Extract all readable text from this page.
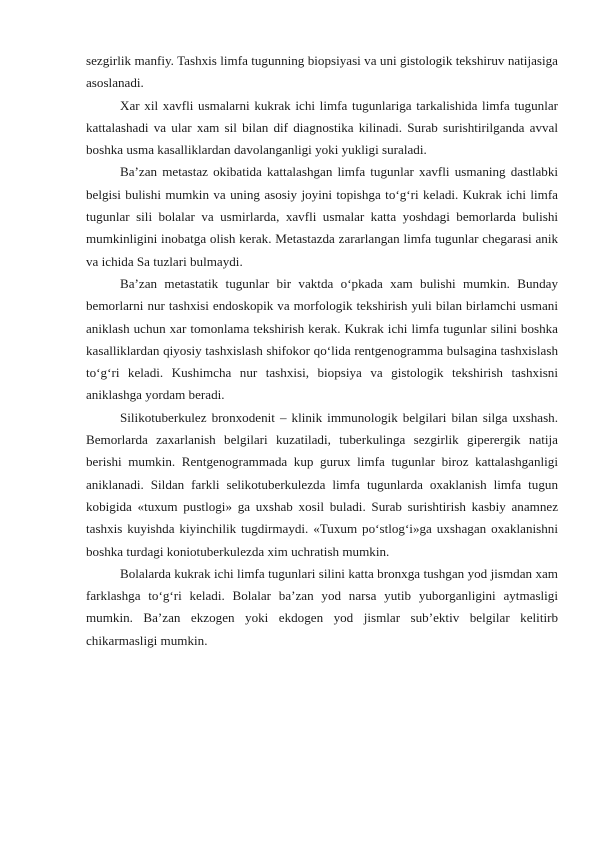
sezgirlik manfiy. Tashxis limfa tugunning biopsiyasi va uni gistologik tekshiruv natijasiga asoslanadi.

Xar xil xavfli usmalarni kukrak ichi limfa tugunlariga tarkalishida limfa tugunlar kattalashadi va ular xam sil bilan dif diagnostika kilinadi. Surab surishtirilganda avval boshka usma kasalliklardan davolanganligi yoki yukligi suraladi.

Ba’zan metastaz okibatida kattalashgan limfa tugunlar xavfli usmaning dastlabki belgisi bulishi mumkin va uning asosiy joyini topishga to‘g‘ri keladi. Kukrak ichi limfa tugunlar sili bolalar va usmirlarda, xavfli usmalar katta yoshdagi bemorlarda bulishi mumkinligini inobatga olish kerak. Metastazda zararlangan limfa tugunlar chegarasi anik va ichida Sa tuzlari bulmaydi.

Ba’zan metastatik tugunlar bir vaktda o‘pkada xam bulishi mumkin. Bunday bemorlarni nur tashxisi endoskopik va morfologik tekshirish yuli bilan birlamchi usmani aniklash uchun xar tomonlama tekshirish kerak. Kukrak ichi limfa tugunlar silini boshka kasalliklardan qiyosiy tashxislash shifokor qo‘lida rentgenogramma bulsagina tashxislash to‘g‘ri keladi. Kushimcha nur tashxisi, biopsiya va gistologik tekshirish tashxisni aniklashga yordam beradi.

Silikotuberkulez bronxodenit – klinik immunologik belgilari bilan silga uxshash. Bemorlarda zaxarlanish belgilari kuzatiladi, tuberkulinga sezgirlik giperergik natija berishi mumkin. Rentgenogrammada kup gurux limfa tugunlar biroz kattalashganligi aniklanadi. Sildan farkli selikotuberkulezda limfa tugunlarda oxaklanish limfa tugun kobigida «tuxum pustlogi» ga uxshab xosil buladi. Surab surishtirish kasbiy anamnez tashxis kuyishda kiyinchilik tugdirmaydi. «Tuxum po‘stlog‘i»ga uxshagan oxaklanishni boshka turdagi koniotuberkulezda xim uchratish mumkin.

Bolalarda kukrak ichi limfa tugunlari silini katta bronxga tushgan yod jismdan xam farklashga to‘g‘ri keladi. Bolalar ba’zan yod narsa yutib yuborganligini aytmasligi mumkin. Ba’zan ekzogen yoki ekdogen yod jismlar sub’ektiv belgilar kelitirb chikarmasligi mumkin.
